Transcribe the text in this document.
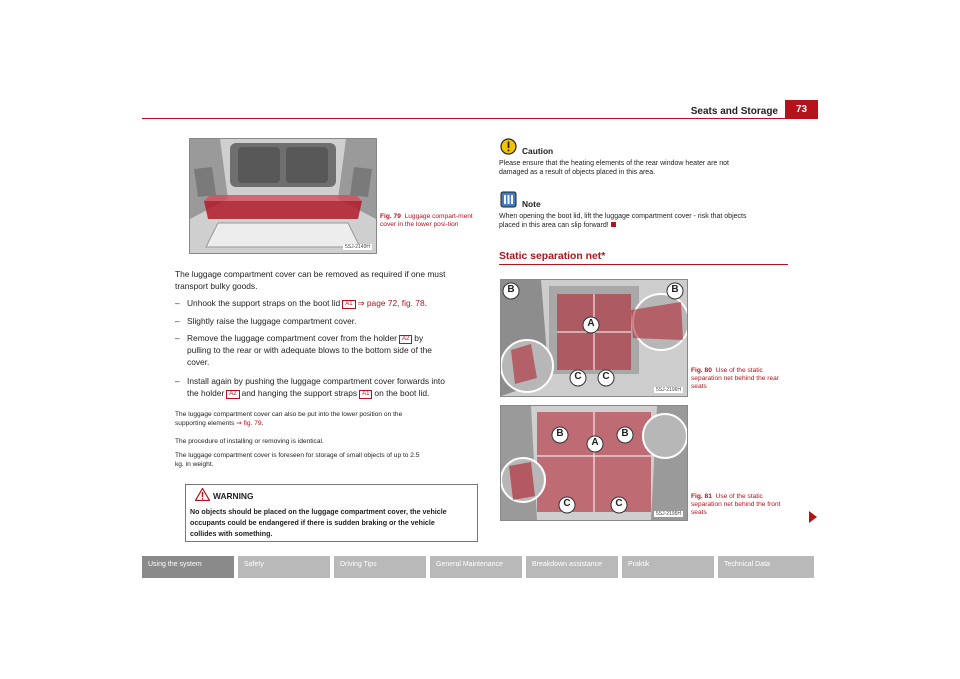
Seats and Storage	73
5SJ-2149H
Fig. 79 Luggage compart-ment cover in the lower posi-tion
The luggage compartment cover can be removed as required if one must transport bulky goods.
– Unhook the support straps on the boot lid A1 ⇒ page 72, fig. 78.
– Slightly raise the luggage compartment cover.
– Remove the luggage compartment cover from the holder A2 by
pulling to the rear or with adequate blows to the bottom side of the
cover.
– Install again by pushing the luggage compartment cover forwards into
the holder A2 and hanging the support straps A1 on the boot lid.
The luggage compartment cover can also be put into the lower position on the
supporting elements ⇒ fig. 79.
The procedure of installing or removing is identical.
The luggage compartment cover is foreseen for storage of small objects of up to 2.5
kg. in weight.
WARNING
No objects should be placed on the luggage compartment cover, the vehicle
occupants could be endangered if there is sudden braking or the vehicle
collides with something.
Caution
Please ensure that the heating elements of the rear window heater are not
damaged as a result of objects placed in this area.
Note
When opening the boot lid, lift the luggage compartment cover - risk that objects
placed in this area can slip forward!
Static separation net*
B	B
A
C	C
5SJ-2196H
Fig. 80 Use of the static separation net behind the rear seats
B
A
B
C	C
5SJ-2195H
Fig. 81 Use of the static separation net behind the front seats
Using the system	Safety	Driving Tips	General Maintenance	Breakdown assistance	Praktik	Technical Data
